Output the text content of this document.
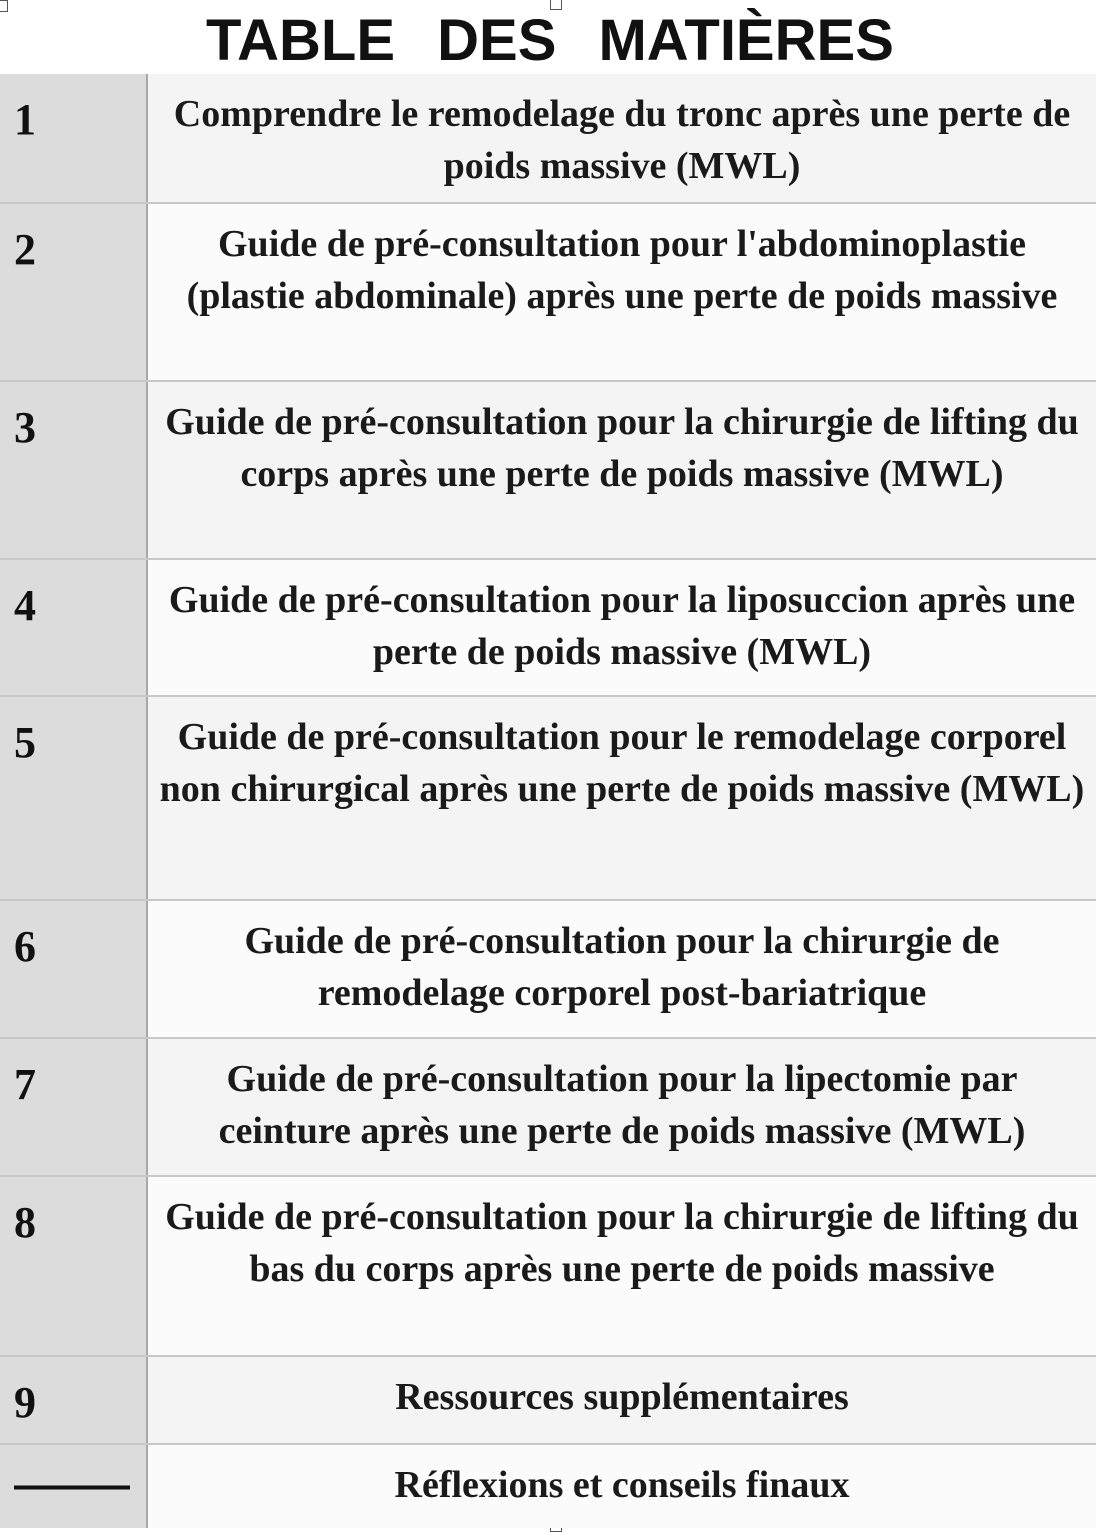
TABLE DES MATIÈRES
1	Comprendre le remodelage du tronc après une perte de poids massive (MWL)
2	Guide de pré-consultation pour l'abdominoplastie (plastie abdominale) après une perte de poids massive
3	Guide de pré-consultation pour la chirurgie de lifting du corps après une perte de poids massive (MWL)
4	Guide de pré-consultation pour la liposuccion après une perte de poids massive (MWL)
5	Guide de pré-consultation pour le remodelage corporel non chirurgical après une perte de poids massive (MWL)
6	Guide de pré-consultation pour la chirurgie de remodelage corporel post-bariatrique
7	Guide de pré-consultation pour la lipectomie par ceinture après une perte de poids massive (MWL)
8	Guide de pré-consultation pour la chirurgie de lifting du bas du corps après une perte de poids massive
9	Ressources supplémentaires
———	Réflexions et conseils finaux
